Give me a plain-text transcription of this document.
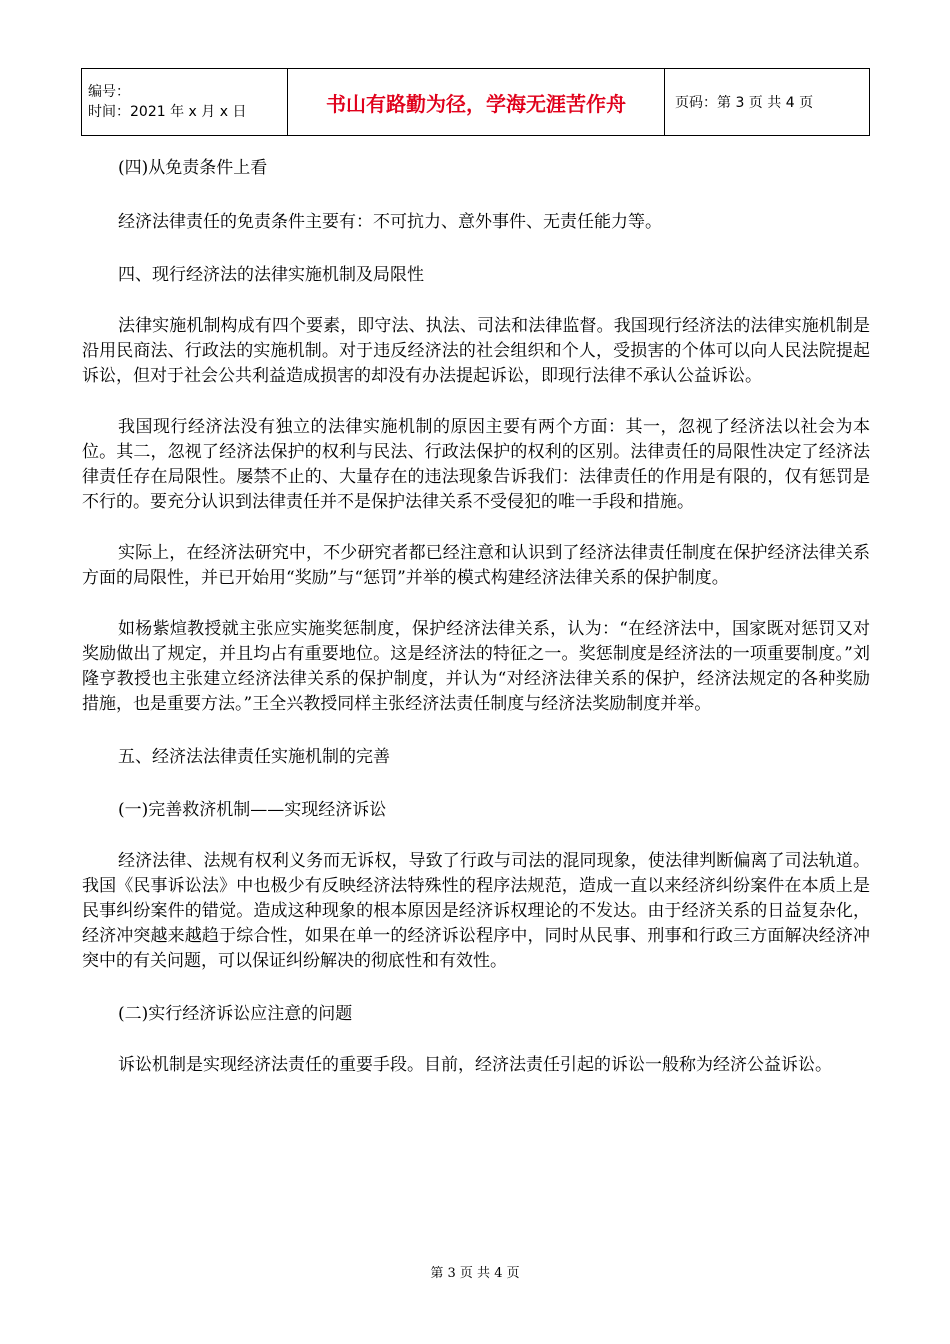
编号：
时间：2021 年 x 月 x 日	书山有路勤为径，学海无涯苦作舟	页码：第 3 页 共 4 页

(四)从免责条件上看

经济法律责任的免责条件主要有：不可抗力、意外事件、无责任能力等。

四、现行经济法的法律实施机制及局限性

法律实施机制构成有四个要素，即守法、执法、司法和法律监督。我国现行经济法的法律实施机制是沿用民商法、行政法的实施机制。对于违反经济法的社会组织和个人，受损害的个体可以向人民法院提起诉讼，但对于社会公共利益造成损害的却没有办法提起诉讼，即现行法律不承认公益诉讼。

我国现行经济法没有独立的法律实施机制的原因主要有两个方面：其一，忽视了经济法以社会为本位。其二，忽视了经济法保护的权利与民法、行政法保护的权利的区别。法律责任的局限性决定了经济法律责任存在局限性。屡禁不止的、大量存在的违法现象告诉我们：法律责任的作用是有限的，仅有惩罚是不行的。要充分认识到法律责任并不是保护法律关系不受侵犯的唯一手段和措施。

实际上，在经济法研究中，不少研究者都已经注意和认识到了经济法律责任制度在保护经济法律关系方面的局限性，并已开始用“奖励”与“惩罚”并举的模式构建经济法律关系的保护制度。

如杨紫煊教授就主张应实施奖惩制度，保护经济法律关系，认为：“在经济法中，国家既对惩罚又对奖励做出了规定，并且均占有重要地位。这是经济法的特征之一。奖惩制度是经济法的一项重要制度。”刘隆亨教授也主张建立经济法律关系的保护制度，并认为“对经济法律关系的保护，经济法规定的各种奖励措施，也是重要方法。”王全兴教授同样主张经济法责任制度与经济法奖励制度并举。

五、经济法法律责任实施机制的完善

(一)完善救济机制——实现经济诉讼

经济法律、法规有权利义务而无诉权，导致了行政与司法的混同现象，使法律判断偏离了司法轨道。我国《民事诉讼法》中也极少有反映经济法特殊性的程序法规范，造成一直以来经济纠纷案件在本质上是民事纠纷案件的错觉。造成这种现象的根本原因是经济诉权理论的不发达。由于经济关系的日益复杂化，经济冲突越来越趋于综合性，如果在单一的经济诉讼程序中，同时从民事、刑事和行政三方面解决经济冲突中的有关问题，可以保证纠纷解决的彻底性和有效性。

(二)实行经济诉讼应注意的问题

诉讼机制是实现经济法责任的重要手段。目前，经济法责任引起的诉讼一般称为经济公益诉讼。

第 3 页 共 4 页
